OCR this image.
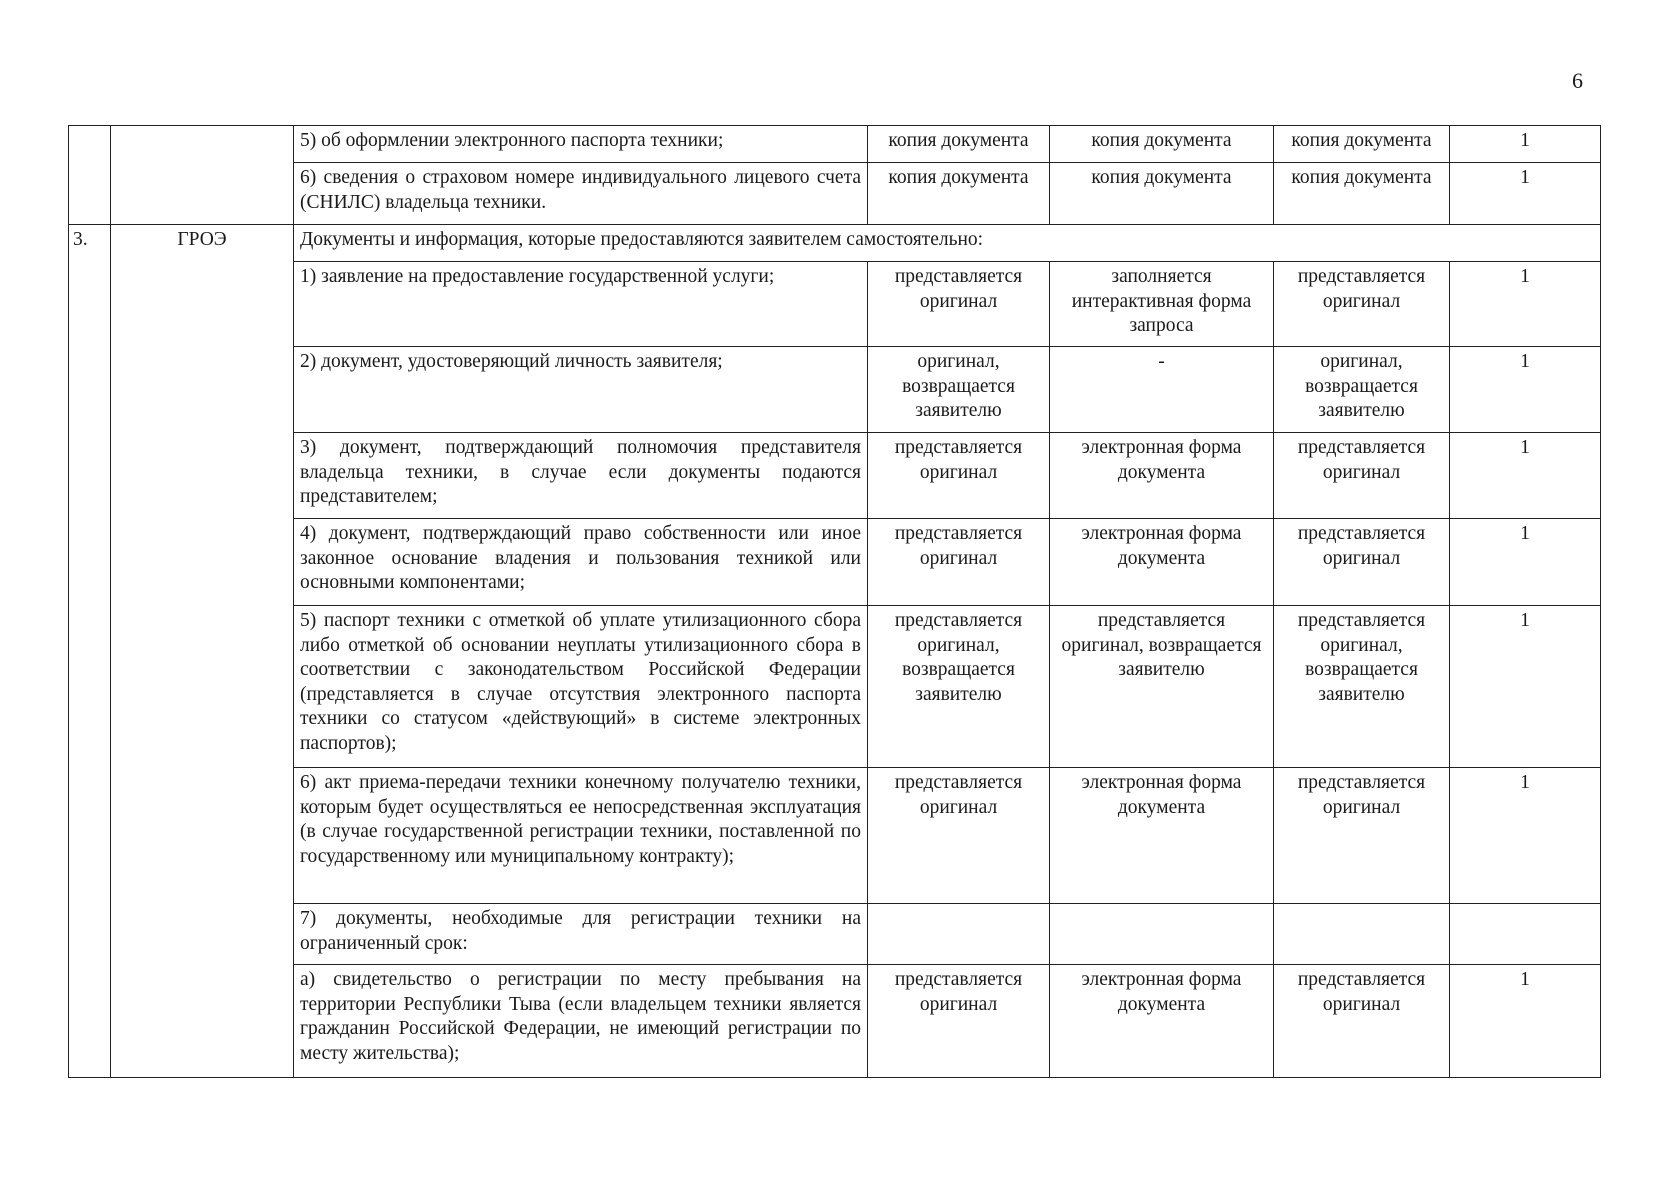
6
		5) об оформлении электронного паспорта техники;	копия документа	копия документа	копия документа	1
		6) сведения о страховом номере индивидуального лицевого счета (СНИЛС) владельца техники.	копия документа	копия документа	копия документа	1
3.	ГРОЭ	Документы и информация, которые предоставляются заявителем самостоятельно:				
		1) заявление на предоставление государственной услуги;	представляется оригинал	заполняется интерактивная форма запроса	представляется оригинал	1
		2) документ, удостоверяющий личность заявителя;	оригинал, возвращается заявителю	-	оригинал, возвращается заявителю	1
		3) документ, подтверждающий полномочия представителя владельца техники, в случае если документы подаются представителем;	представляется оригинал	электронная форма документа	представляется оригинал	1
		4) документ, подтверждающий право собственности или иное законное основание владения и пользования техникой или основными компонентами;	представляется оригинал	электронная форма документа	представляется оригинал	1
		5) паспорт техники с отметкой об уплате утилизационного сбора либо отметкой об основании неуплаты утилизационного сбора в соответствии с законодательством Российской Федерации (представляется в случае отсутствия электронного паспорта техники со статусом «действующий» в системе электронных паспортов);	представляется оригинал, возвращается заявителю	представляется оригинал, возвращается заявителю	представляется оригинал, возвращается заявителю	1
		6) акт приема-передачи техники конечному получателю техники, которым будет осуществляться ее непосредственная эксплуатация (в случае государственной регистрации техники, поставленной по государственному или муниципальному контракту);	представляется оригинал	электронная форма документа	представляется оригинал	1
		7) документы, необходимые для регистрации техники на ограниченный срок:				
		а) свидетельство о регистрации по месту пребывания на территории Республики Тыва (если владельцем техники является гражданин Российской Федерации, не имеющий регистрации по месту жительства);	представляется оригинал	электронная форма документа	представляется оригинал	1
